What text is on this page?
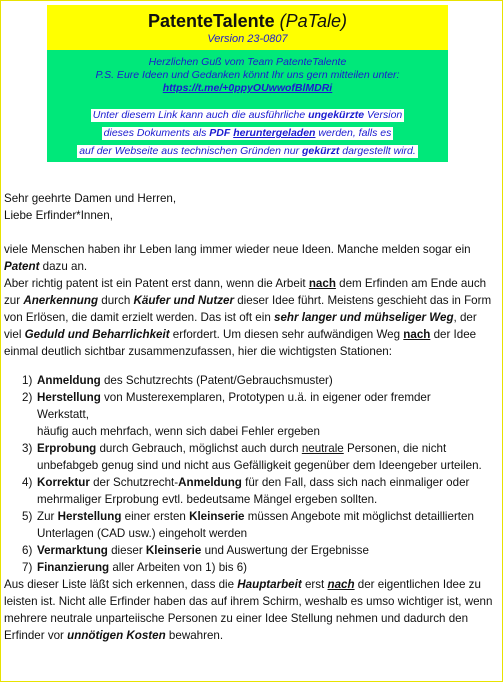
PatenteTalente (PaTale)
Version 23-0807
Herzlichen Guß vom Team PatenteTalente
P.S. Eure Ideen und Gedanken könnt Ihr uns gern mitteilen unter:
https://t.me/+0ppyOUwwofBlMDRi
Unter diesem Link kann auch die ausführliche ungekürzte Version
dieses Dokuments als PDF heruntergeladen werden, falls es
auf der Webseite aus technischen Gründen nur gekürzt dargestellt wird.

Sehr geehrte Damen und Herren,
Liebe Erfinder*Innen,

viele Menschen haben ihr Leben lang immer wieder neue Ideen. Manche melden sogar ein Patent dazu an.

Aber richtig patent ist ein Patent erst dann, wenn die Arbeit nach dem Erfinden am Ende auch zur Anerkennung durch Käufer und Nutzer dieser Idee führt. Meistens geschieht das in Form von Erlösen, die damit erzielt werden. Das ist oft ein sehr langer und mühseliger Weg, der viel Geduld und Beharrlichkeit erfordert. Um diesen sehr aufwändigen Weg nach der Idee einmal deutlich sichtbar zusammenzufassen, hier die wichtigsten Stationen:

1) Anmeldung des Schutzrechts (Patent/Gebrauchsmuster)
2) Herstellung von Musterexemplaren, Prototypen u.ä. in eigener oder fremder Werkstatt,
häufig auch mehrfach, wenn sich dabei Fehler ergeben
3) Erprobung durch Gebrauch, möglichst auch durch neutrale Personen, die nicht unbefabgeb genug sind und nicht aus Gefälligkeit gegenüber dem Ideengeber urteilen.
4) Korrektur der Schutzrecht-Anmeldung für den Fall, dass sich nach einmaliger oder mehrmaliger Erprobung evtl. bedeutsame Mängel ergeben sollten.
5) Zur Herstellung einer ersten Kleinserie müssen Angebote mit möglichst detaillierten Unterlagen (CAD usw.) eingeholt werden
6) Vermarktung dieser Kleinserie und Auswertung der Ergebnisse
7) Finanzierung aller Arbeiten von 1) bis 6)

Aus dieser Liste läßt sich erkennen, dass die Hauptarbeit erst nach der eigentlichen Idee zu leisten ist. Nicht alle Erfinder haben das auf ihrem Schirm, weshalb es umso wichtiger ist, wenn mehrere neutrale unparteiische Personen zu einer Idee Stellung nehmen und dadurch den Erfinder vor unnötigen Kosten bewahren.
